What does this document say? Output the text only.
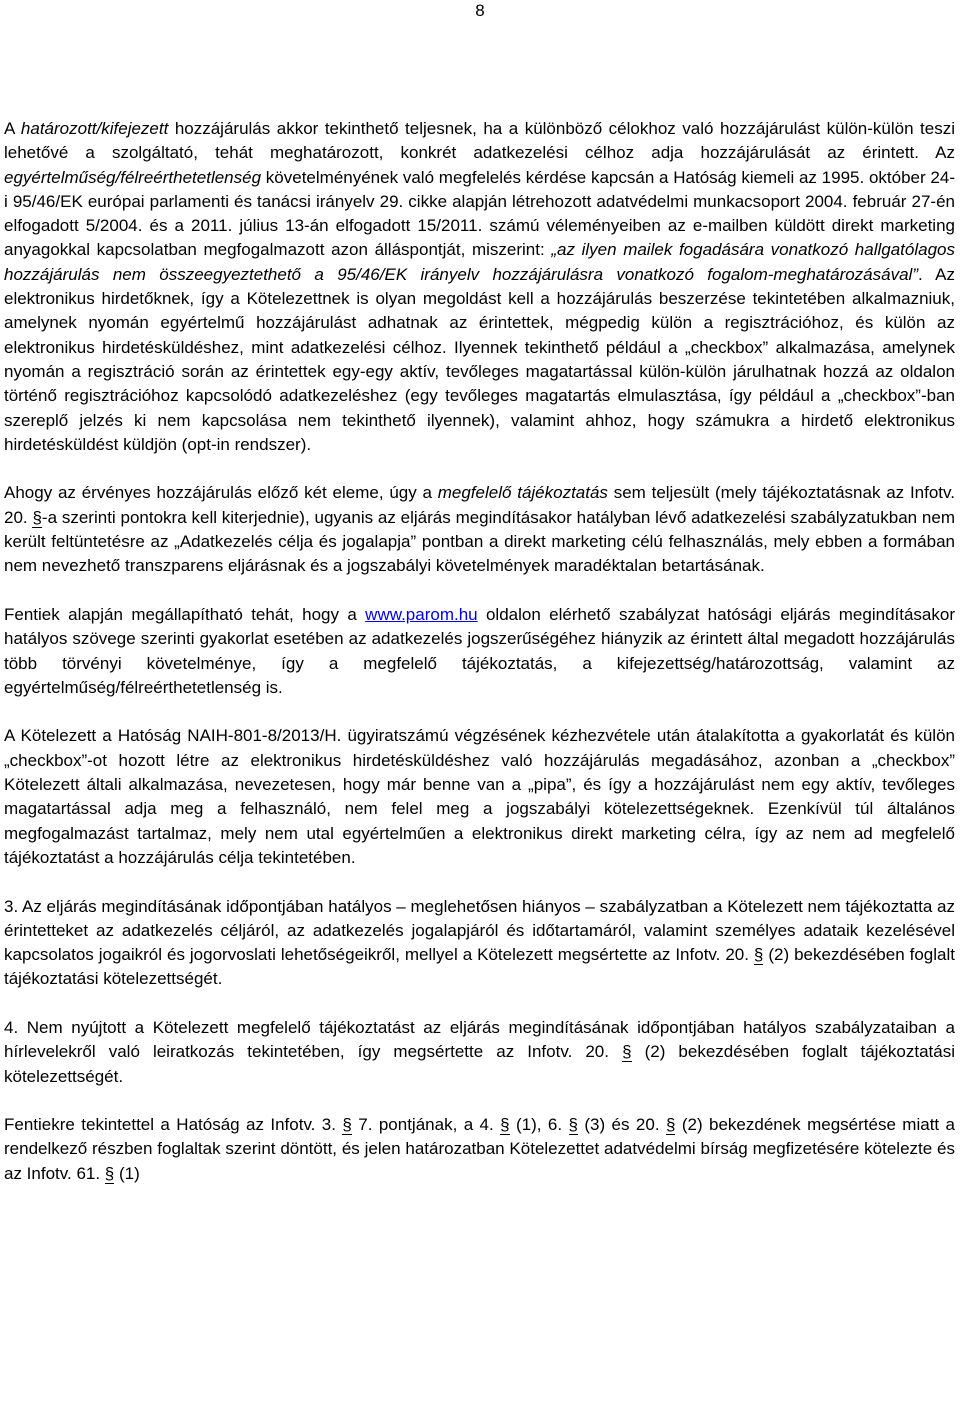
8

A határozott/kifejezett hozzájárulás akkor tekinthető teljesnek, ha a különböző célokhoz való hozzájárulást külön-külön teszi lehetővé a szolgáltató, tehát meghatározott, konkrét adatkezelési célhoz adja hozzájárulását az érintett. Az egyértelműség/félreérthetetlenség követelményének való megfelelés kérdése kapcsán a Hatóság kiemeli az 1995. október 24-i 95/46/EK európai parlamenti és tanácsi irányelv 29. cikke alapján létrehozott adatvédelmi munkacsoport 2004. február 27-én elfogadott 5/2004. és a 2011. július 13-án elfogadott 15/2011. számú véleményeiben az e-mailben küldött direkt marketing anyagokkal kapcsolatban megfogalmazott azon álláspontját, miszerint: „az ilyen mailek fogadására vonatkozó hallgatólagos hozzájárulás nem összeegyeztethető a 95/46/EK irányelv hozzájárulásra vonatkozó fogalom-meghatározásával”. Az elektronikus hirdetőknek, így a Kötelezettnek is olyan megoldást kell a hozzájárulás beszerzése tekintetében alkalmazniuk, amelynek nyomán egyértelmű hozzájárulást adhatnak az érintettek, mégpedig külön a regisztrációhoz, és külön az elektronikus hirdetésküldéshez, mint adatkezelési célhoz. Ilyennek tekinthető például a „checkbox” alkalmazása, amelynek nyomán a regisztráció során az érintettek egy-egy aktív, tevőleges magatartással külön-külön járulhatnak hozzá az oldalon történő regisztrációhoz kapcsolódó adatkezeléshez (egy tevőleges magatartás elmulasztása, így például a „checkbox”-ban szereplő jelzés ki nem kapcsolása nem tekinthető ilyennek), valamint ahhoz, hogy számukra a hirdető elektronikus hirdetésküldést küldjön (opt-in rendszer).

Ahogy az érvényes hozzájárulás előző két eleme, úgy a megfelelő tájékoztatás sem teljesült (mely tájékoztatásnak az Infotv. 20. §-a szerinti pontokra kell kiterjednie), ugyanis az eljárás megindításakor hatályban lévő adatkezelési szabályzatukban nem került feltüntetésre az „Adatkezelés célja és jogalapja” pontban a direkt marketing célú felhasználás, mely ebben a formában nem nevezhető transzparens eljárásnak és a jogszabályi követelmények maradéktalan betartásának.

Fentiek alapján megállapítható tehát, hogy a www.parom.hu oldalon elérhető szabályzat hatósági eljárás megindításakor hatályos szövege szerinti gyakorlat esetében az adatkezelés jogszerűségéhez hiányzik az érintett által megadott hozzájárulás több törvényi követelménye, így a megfelelő tájékoztatás, a kifejezettség/határozottság, valamint az egyértelműség/félreérthetetlenség is.

A Kötelezett a Hatóság NAIH-801-8/2013/H. ügyiratszámú végzésének kézhezvétele után átalakította a gyakorlatát és külön „checkbox”-ot hozott létre az elektronikus hirdetésküldéshez való hozzájárulás megadásához, azonban a „checkbox” Kötelezett általi alkalmazása, nevezetesen, hogy már benne van a „pipa”, és így a hozzájárulást nem egy aktív, tevőleges magatartással adja meg a felhasználó, nem felel meg a jogszabályi kötelezettségeknek. Ezenkívül túl általános megfogalmazást tartalmaz, mely nem utal egyértelműen a elektronikus direkt marketing célra, így az nem ad megfelelő tájékoztatást a hozzájárulás célja tekintetében.

3. Az eljárás megindításának időpontjában hatályos – meglehetősen hiányos – szabályzatban a Kötelezett nem tájékoztatta az érintetteket az adatkezelés céljáról, az adatkezelés jogalapjáról és időtartamáról, valamint személyes adataik kezelésével kapcsolatos jogaikról és jogorvoslati lehetőségeikről, mellyel a Kötelezett megsértette az Infotv. 20. § (2) bekezdésében foglalt tájékoztatási kötelezettségét.

4. Nem nyújtott a Kötelezett megfelelő tájékoztatást az eljárás megindításának időpontjában hatályos szabályzataiban a hírlevelekről való leiratkozás tekintetében, így megsértette az Infotv. 20. § (2) bekezdésében foglalt tájékoztatási kötelezettségét.

Fentiekre tekintettel a Hatóság az Infotv. 3. § 7. pontjának, a 4. § (1), 6. § (3) és 20. § (2) bekezdének megsértése miatt a rendelkező részben foglaltak szerint döntött, és jelen határozatban Kötelezettet adatvédelmi bírság megfizetésére kötelezte és az Infotv. 61. § (1)
